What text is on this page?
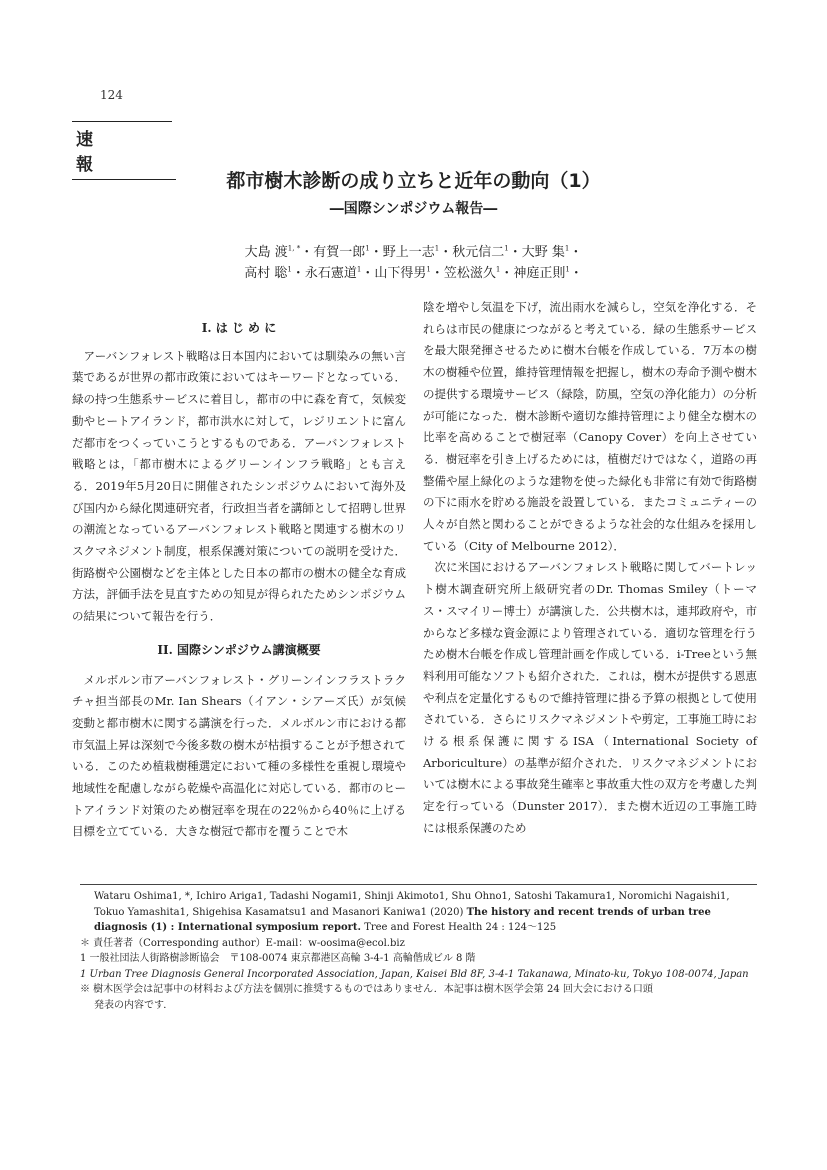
124
速 報
都市樹木診断の成り立ちと近年の動向（1）
―国際シンポジウム報告―
大島 渡$^{1, *}$・有賀一郎$^1$・野上一志$^1$・秋元信二$^1$・大野 集$^1$・
高村 聡$^1$・永石憲道$^1$・山下得男$^1$・笠松滋久$^1$・神庭正則$^1$・

I. は じ め に

アーバンフォレスト戦略は日本国内においては馴染みの無い言葉であるが世界の都市政策においてはキーワードとなっている．緑の持つ生態系サービスに着目し，都市の中に森を育て，気候変動やヒートアイランド，都市洪水に対して，レジリエントに富んだ都市をつくっていこうとするものである．アーバンフォレスト戦略とは，「都市樹木によるグリーンインフラ戦略」とも言える．2019年5月20日に開催されたシンポジウムにおいて海外及び国内から緑化関連研究者，行政担当者を講師として招聘し世界の潮流となっているアーバンフォレスト戦略と関連する樹木のリスクマネジメント制度，根系保護対策についての説明を受けた．街路樹や公園樹などを主体とした日本の都市の樹木の健全な育成方法，評価手法を見直すための知見が得られたためシンポジウムの結果について報告を行う．

II. 国際シンポジウム講演概要

メルボルン市アーバンフォレスト・グリーンインフラストラクチャ担当部長のMr. Ian Shears（イアン・シアーズ氏）が気候変動と都市樹木に関する講演を行った．メルボルン市における都市気温上昇は深刻で今後多数の樹木が枯損することが予想されている．このため植栽樹種選定において種の多様性を重視し環境や地域性を配慮しながら乾燥や高温化に対応している．都市のヒートアイランド対策のため樹冠率を現在の22％から40％に上げる目標を立てている．大きな樹冠で都市を覆うことで木

陰を増やし気温を下げ，流出雨水を減らし，空気を浄化する．それらは市民の健康につながると考えている．緑の生態系サービスを最大限発揮させるために樹木台帳を作成している．7万本の樹木の樹種や位置，維持管理情報を把握し，樹木の寿命予測や樹木の提供する環境サービス（緑陰，防風，空気の浄化能力）の分析が可能になった．樹木診断や適切な維持管理により健全な樹木の比率を高めることで樹冠率（Canopy Cover）を向上させている．樹冠率を引き上げるためには，植樹だけではなく，道路の再整備や屋上緑化のような建物を使った緑化も非常に有効で街路樹の下に雨水を貯める施設を設置している．またコミュニティーの人々が自然と関わることができるような社会的な仕組みを採用している（City of Melbourne 2012）．

次に米国におけるアーバンフォレスト戦略に関してバートレット樹木調査研究所上級研究者のDr. Thomas Smiley（トーマス・スマイリー博士）が講演した．公共樹木は，連邦政府や，市からなど多様な資金源により管理されている．適切な管理を行うため樹木台帳を作成し管理計画を作成している．i-Treeという無料利用可能なソフトも紹介された．これは，樹木が提供する恩恵や利点を定量化するもので維持管理に掛る予算の根拠として使用されている．さらにリスクマネジメントや剪定，工事施工時における根系保護に関するISA（International Society of Arboriculture）の基準が紹介された．リスクマネジメントにおいては樹木による事故発生確率と事故重大性の双方を考慮した判定を行っている（Dunster 2017）．また樹木近辺の工事施工時には根系保護のため

Wataru Oshima1, *, Ichiro Ariga1, Tadashi Nogami1, Shinji Akimoto1, Shu Ohno1, Satoshi Takamura1, Noromichi Nagaishi1, Tokuo Yamashita1, Shigehisa Kasamatsu1 and Masanori Kaniwa1 (2020) The history and recent trends of urban tree diagnosis (1) : International symposium report. Tree and Forest Health 24 : 124〜125

＊ 責任著者（Corresponding author）E-mail：w-oosima@ecol.biz

1 一般社団法人街路樹診断協会　〒108-0074 東京都港区高輪 3-4-1 高輪偕成ビル 8 階

1 Urban Tree Diagnosis General Incorporated Association, Japan, Kaisei Bld 8F, 3-4-1 Takanawa, Minato-ku, Tokyo 108-0074, Japan

※ 樹木医学会は記事中の材料および方法を個別に推奨するものではありません．本記事は樹木医学会第 24 回大会における口頭

発表の内容です．
